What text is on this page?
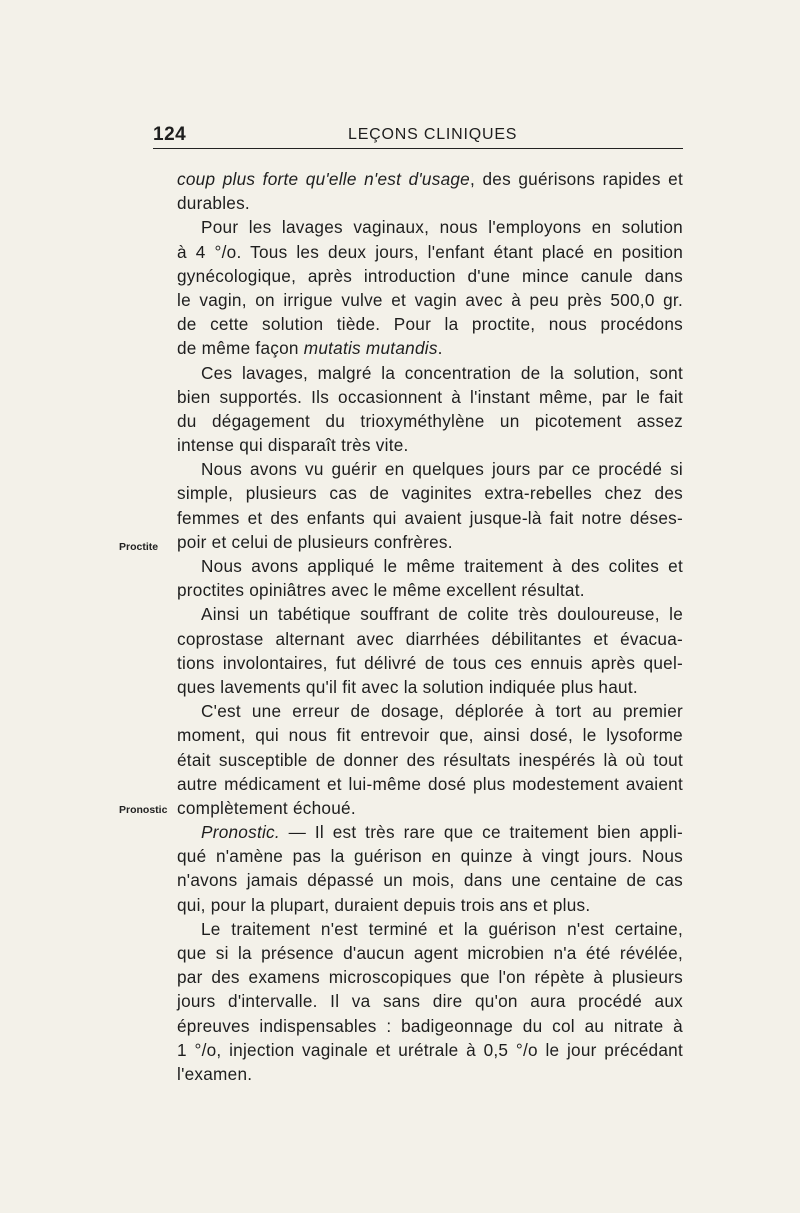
124	LEÇONS CLINIQUES
Proctite
Pronostic
coup plus forte qu'elle n'est d'usage, des guérisons rapides et
durables.
Pour les lavages vaginaux, nous l'employons en solution
à 4 °/o. Tous les deux jours, l'enfant étant placé en position
gynécologique, après introduction d'une mince canule dans
le vagin, on irrigue vulve et vagin avec à peu près 500,0 gr.
de cette solution tiède. Pour la proctite, nous procédons
de même façon mutatis mutandis.
Ces lavages, malgré la concentration de la solution, sont
bien supportés. Ils occasionnent à l'instant même, par le fait
du dégagement du trioxyméthylène un picotement assez
intense qui disparaît très vite.
Nous avons vu guérir en quelques jours par ce procédé si
simple, plusieurs cas de vaginites extra-rebelles chez des
femmes et des enfants qui avaient jusque-là fait notre déses-
poir et celui de plusieurs confrères.
Nous avons appliqué le même traitement à des colites et
proctites opiniâtres avec le même excellent résultat.
Ainsi un tabétique souffrant de colite très douloureuse, le
coprostase alternant avec diarrhées débilitantes et évacua-
tions involontaires, fut délivré de tous ces ennuis après quel-
ques lavements qu'il fit avec la solution indiquée plus haut.
C'est une erreur de dosage, déplorée à tort au premier
moment, qui nous fit entrevoir que, ainsi dosé, le lysoforme
était susceptible de donner des résultats inespérés là où tout
autre médicament et lui-même dosé plus modestement avaient
complètement échoué.
Pronostic. — Il est très rare que ce traitement bien appli-
qué n'amène pas la guérison en quinze à vingt jours. Nous
n'avons jamais dépassé un mois, dans une centaine de cas
qui, pour la plupart, duraient depuis trois ans et plus.
Le traitement n'est terminé et la guérison n'est certaine,
que si la présence d'aucun agent microbien n'a été révélée,
par des examens microscopiques que l'on répète à plusieurs
jours d'intervalle. Il va sans dire qu'on aura procédé aux
épreuves indispensables : badigeonnage du col au nitrate à
1 °/o, injection vaginale et urétrale à 0,5 °/o le jour précédant
l'examen.
